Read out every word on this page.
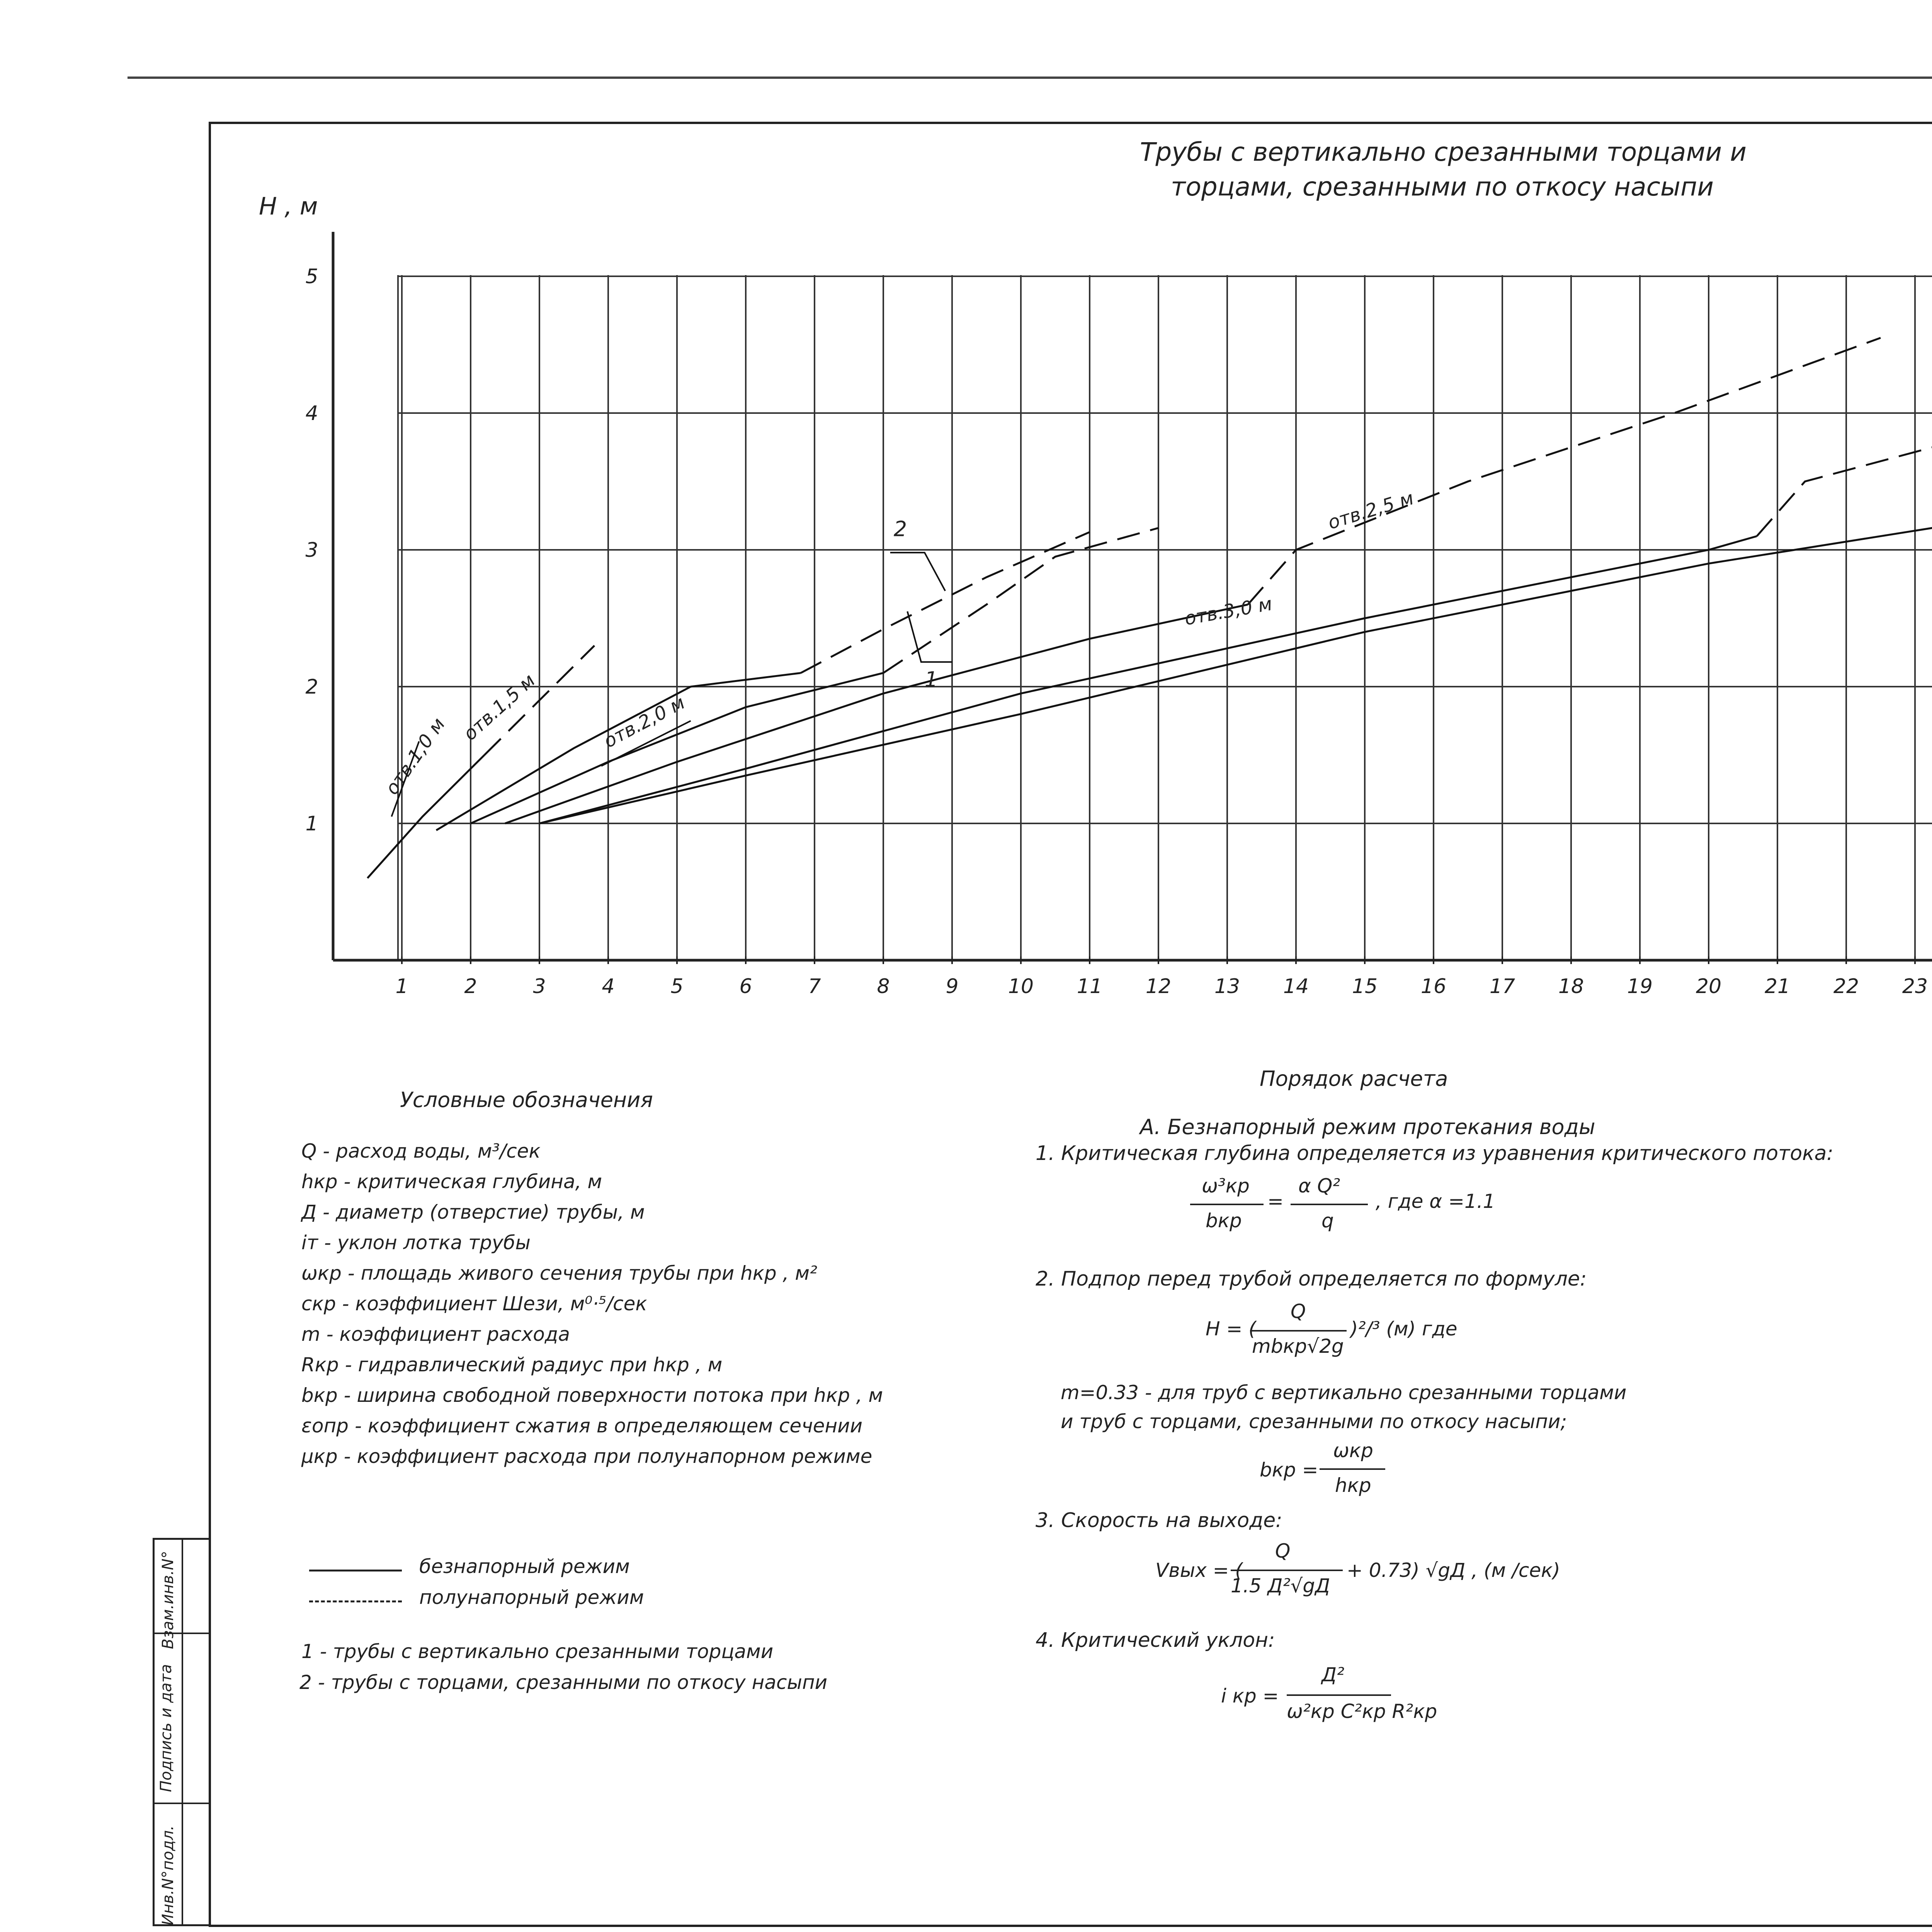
Трубы с вертикально срезанными торцами и
торцами, срезанными по откосу насыпи
1	2	3	4	5	6	7	8	9 10 11 12 13 14 15 16 17 18 19 20 21 22 23
1
2
3
4
5
Н , м
отв.1,0 м
отв.1,5 м	отв.2,0 м
отв.2,5 м
отв.3,0 м
2
1
Условные обозначения
Q - расход воды, м³/сек
hкр - критическая глубина, м
Д - диаметр (отверстие) трубы, м
iт - уклон лотка трубы
ωкр - площадь живого сечения трубы при hкр , м²
cкр - коэффициент Шези, м⁰·⁵/сек
m - коэффициент расхода
Rкр - гидравлический радиус при hкр , м
bкр - ширина свободной поверхности потока при hкр , м
εопр - коэффициент сжатия в определяющем сечении
μкр - коэффициент расхода при полунапорном режиме
безнапорный режим
полунапорный режим
1 - трубы с вертикально срезанными торцами
2 - трубы с торцами, срезанными по откосу насыпи
Порядок расчета
А. Безнапорный режим протекания воды
1. Критическая глубина определяется из уравнения критического потока:
ω³кр
bкр
=
α Q²
q
, где α =1.1
2. Подпор перед трубой определяется по формуле:
H = (
Q
mbкр√2g
)²/³ (м) где
m=0.33 - для труб с вертикально срезанными торцами
и труб с торцами, срезанными по откосу насыпи;
bкр =
ωкр
hкр
3. Скорость на выходе:
Vвых = (
Q
1.5 Д²√gД
+ 0.73) √gД , (м /сек)
4. Критический уклон:
i кр =
Д²
ω²кр C²кр R²кр

Инв.N°подл.
Подпись и дата
Взам.инв.N°
